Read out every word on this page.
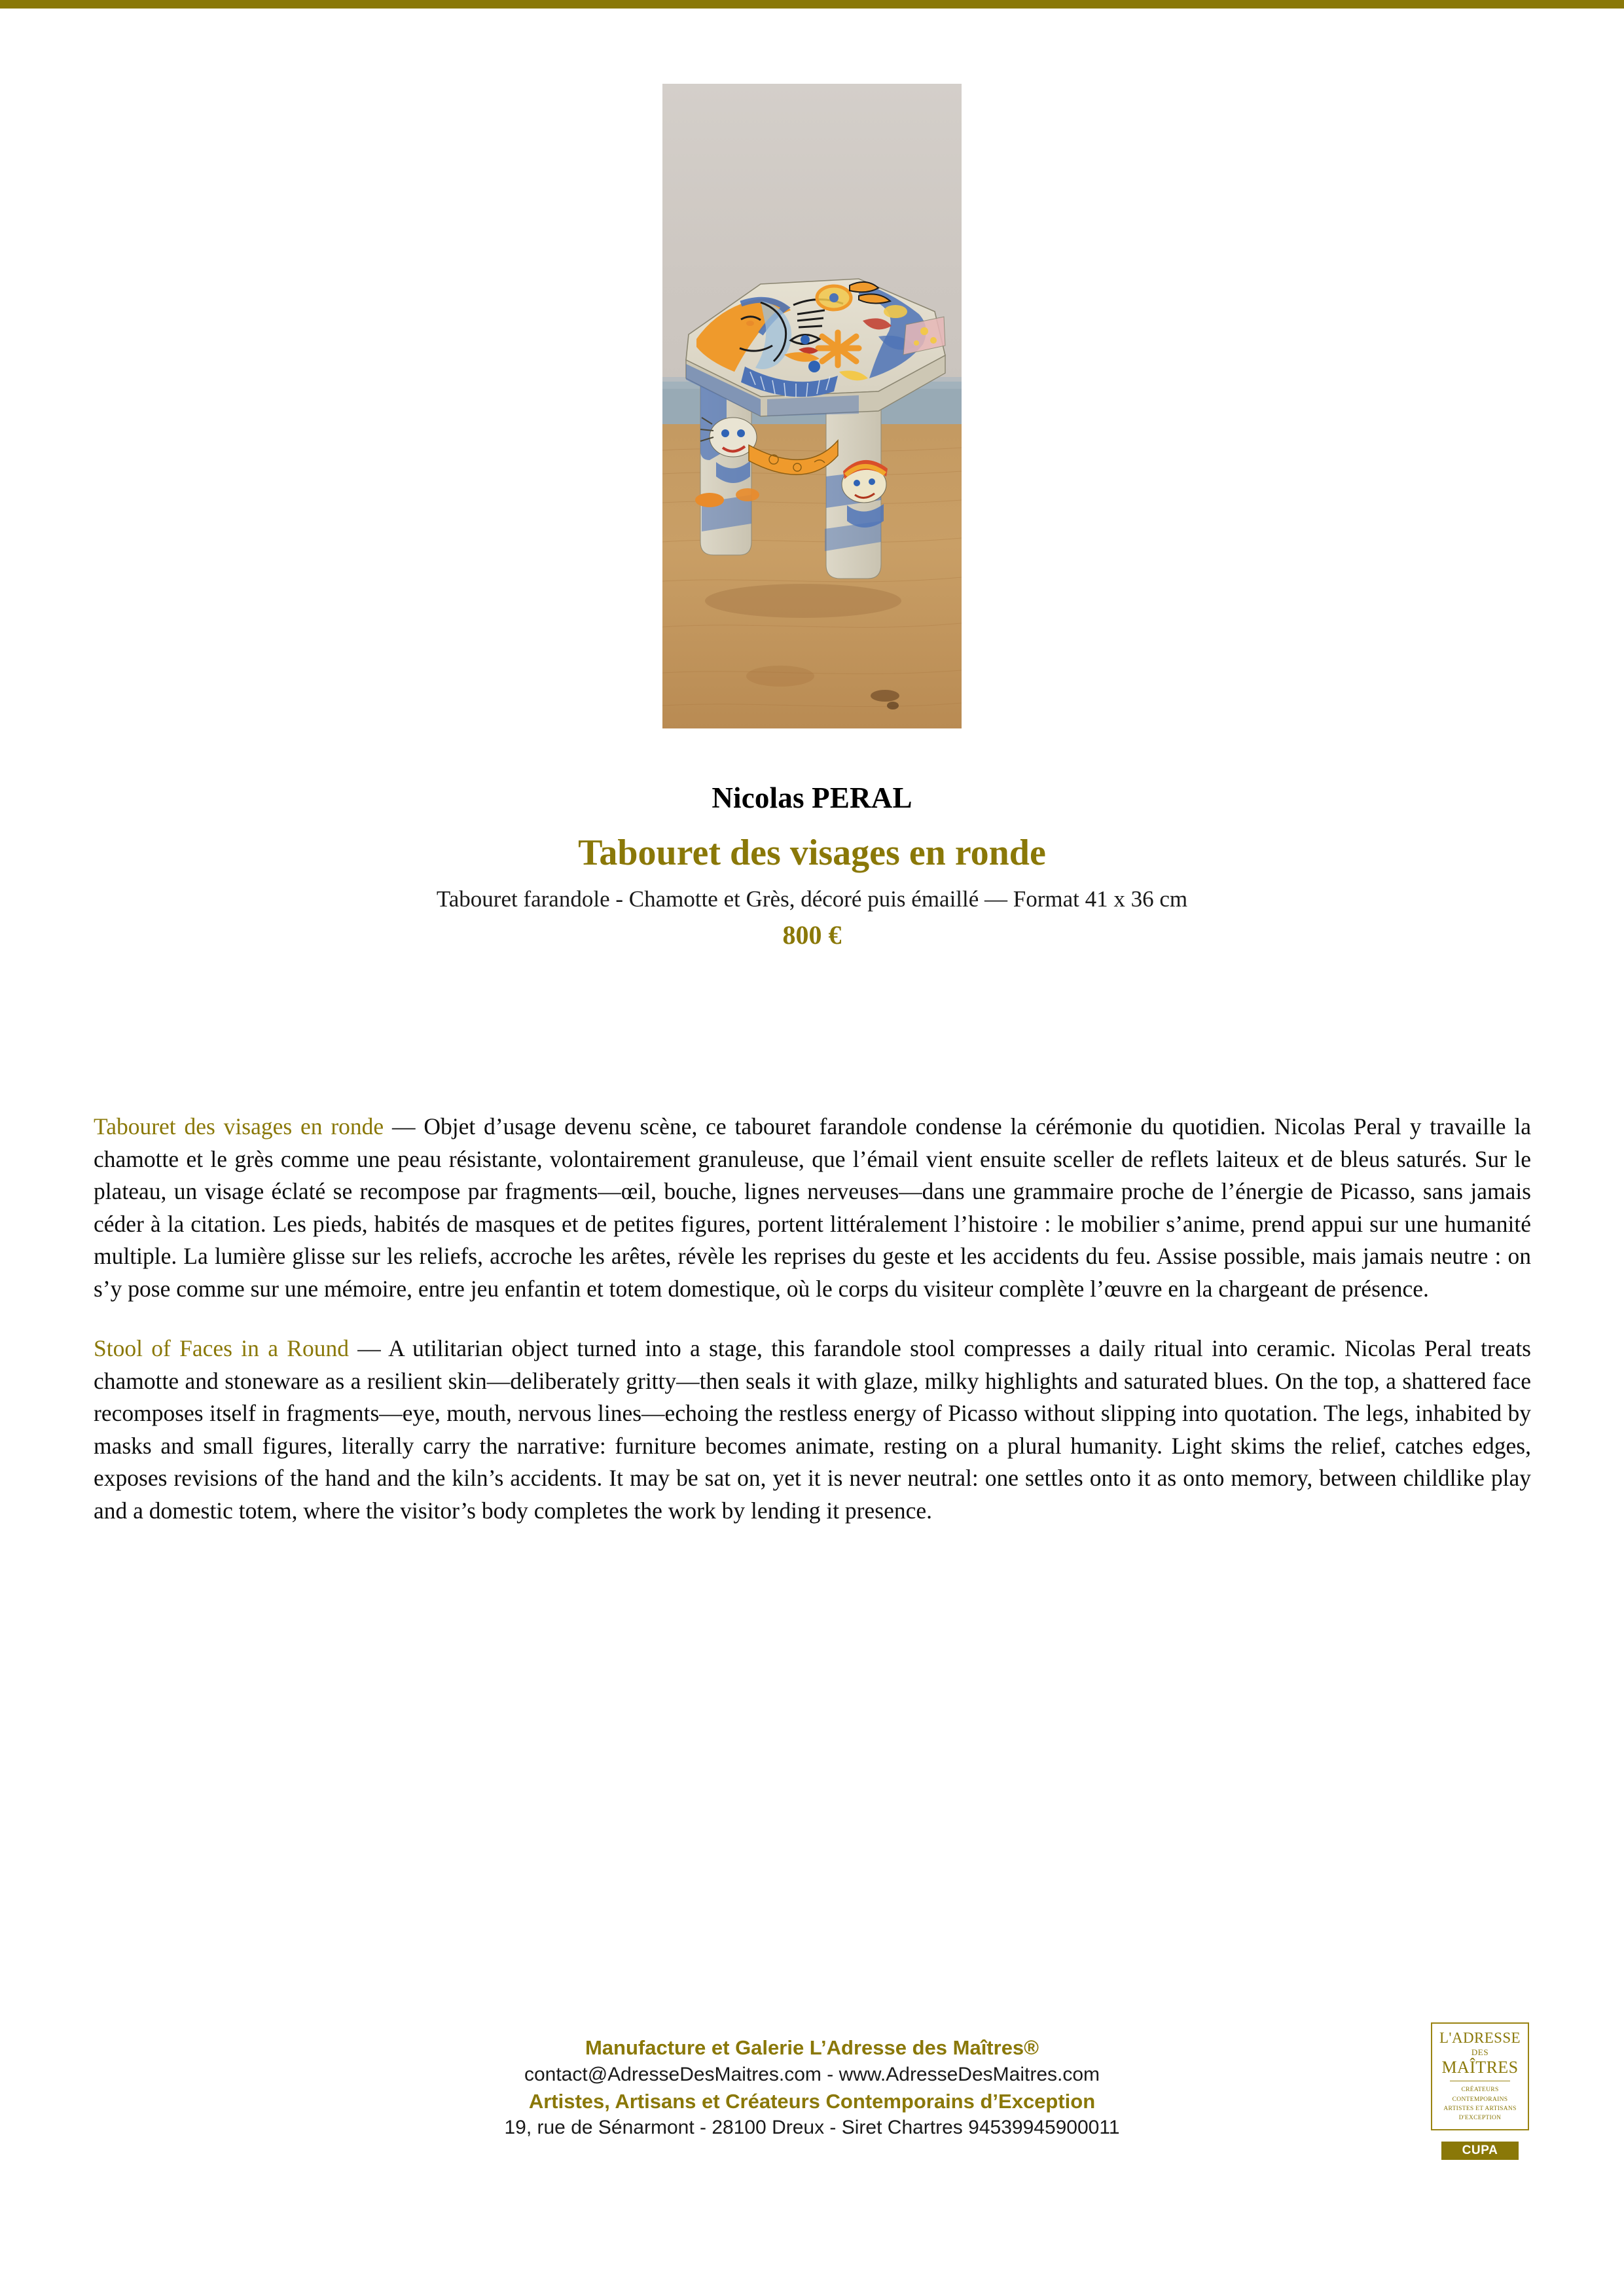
Nicolas PERAL
Tabouret des visages en ronde
Tabouret farandole - Chamotte et Grès, décoré puis émaillé — Format 41 x 36 cm
800 €

Tabouret des visages en ronde — Objet d’usage devenu scène, ce tabouret farandole condense la cérémonie du quotidien. Nicolas Peral y travaille la chamotte et le grès comme une peau résistante, volontairement granuleuse, que l’émail vient ensuite sceller de reflets laiteux et de bleus saturés. Sur le plateau, un visage éclaté se recompose par fragments—œil, bouche, lignes nerveuses—dans une grammaire proche de l’énergie de Picasso, sans jamais céder à la citation. Les pieds, habités de masques et de petites figures, portent littéralement l’histoire : le mobilier s’anime, prend appui sur une humanité multiple. La lumière glisse sur les reliefs, accroche les arêtes, révèle les reprises du geste et les accidents du feu. Assise possible, mais jamais neutre : on s’y pose comme sur une mémoire, entre jeu enfantin et totem domestique, où le corps du visiteur complète l’œuvre en la chargeant de présence.

Stool of Faces in a Round — A utilitarian object turned into a stage, this farandole stool compresses a daily ritual into ceramic. Nicolas Peral treats chamotte and stoneware as a resilient skin—deliberately gritty—then seals it with glaze, milky highlights and saturated blues. On the top, a shattered face recomposes itself in fragments—eye, mouth, nervous lines—echoing the restless energy of Picasso without slipping into quotation. The legs, inhabited by masks and small figures, literally carry the narrative: furniture becomes animate, resting on a plural humanity. Light skims the relief, catches edges, exposes revisions of the hand and the kiln’s accidents. It may be sat on, yet it is never neutral: one settles onto it as onto memory, between childlike play and a domestic totem, where the visitor’s body completes the work by lending it presence.

Manufacture et Galerie L’Adresse des Maîtres®
contact@AdresseDesMaitres.com - www.AdresseDesMaitres.com
Artistes, Artisans et Créateurs Contemporains d’Exception
19, rue de Sénarmont - 28100 Dreux - Siret Chartres 94539945900011
L'ADRESSE
DES
MAÎTRES
CRÉATEURS CONTEMPORAINS
ARTISTES ET ARTISANS
D'EXCEPTION
CUPA
